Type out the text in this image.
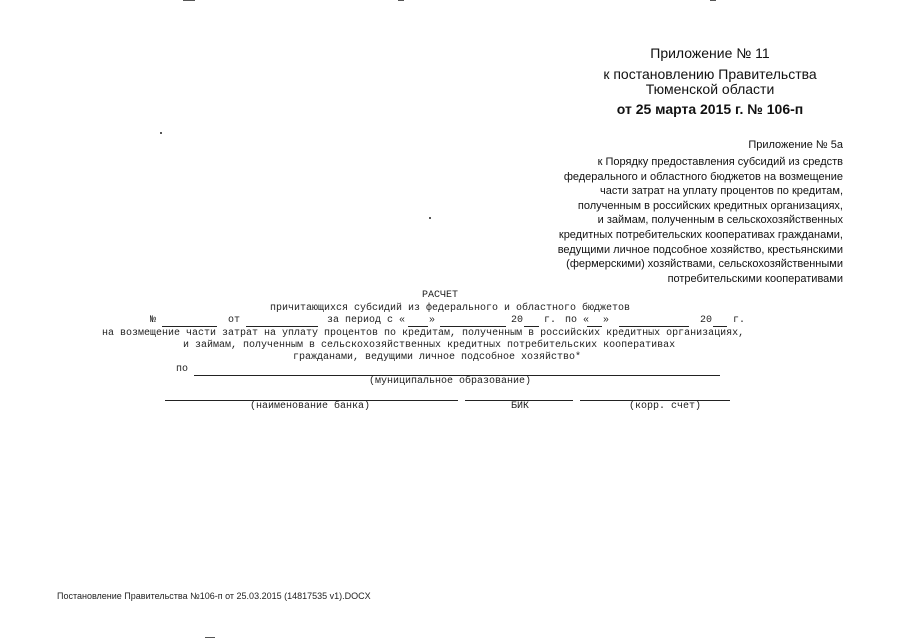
Приложение № 11
к постановлению Правительства
Тюменской области
от 25 марта 2015 г. № 106-п
Приложение № 5а
к Порядку предоставления субсидий из средств
федерального и областного бюджетов на возмещение
части затрат на уплату процентов по кредитам,
полученным в российских кредитных организациях,
и займам, полученным в сельскохозяйственных
кредитных потребительских кооперативах гражданами,
ведущими личное подсобное хозяйство, крестьянскими
(фермерскими) хозяйствами, сельскохозяйственными
потребительскими кооперативами
РАСЧЕТ
причитающихся субсидий из федерального и областного бюджетов
№	от	за период с « »	20 г. по « »	20 г.
на возмещение части затрат на уплату процентов по кредитам, полученным в российских кредитных организациях,
и займам, полученным в сельскохозяйственных кредитных потребительских кооперативах
гражданами, ведущими личное подсобное хозяйство*
по
(муниципальное образование)
(наименование банка)	БИК	(корр. счет)
Постановление Правительства №106-п от 25.03.2015 (14817535 v1).DOCX
